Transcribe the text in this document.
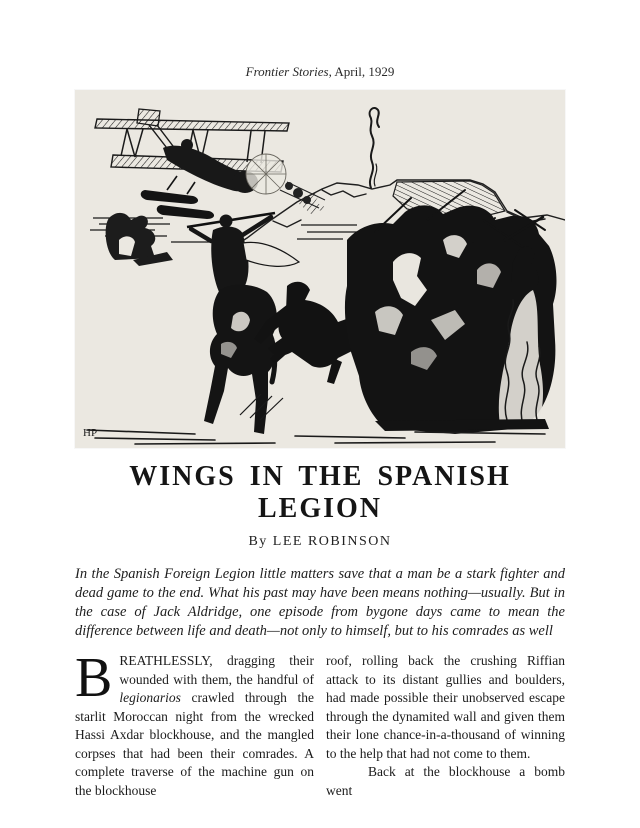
Frontier Stories, April, 1929
HP
WINGS IN THE SPANISH
LEGION
By LEE ROBINSON

In the Spanish Foreign Legion little matters save that a man be a stark fighter and dead game to the end. What his past may have been means nothing—usually. But in the case of Jack Aldridge, one episode from bygone days came to mean the difference between life and death—not only to himself, but to his comrades as well

BREATHLESSLY, dragging their wounded with them, the handful of legionarios crawled through the starlit Moroccan night from the wrecked Hassi Axdar blockhouse, and the mangled corpses that had been their comrades. A complete traverse of the machine gun on the blockhouse

roof, rolling back the crushing Riffian attack to its distant gullies and boulders, had made possible their unobserved escape through the dynamited wall and given them their lone chance-in-a-thousand of winning to the help that had not come to them.

Back at the blockhouse a bomb went
